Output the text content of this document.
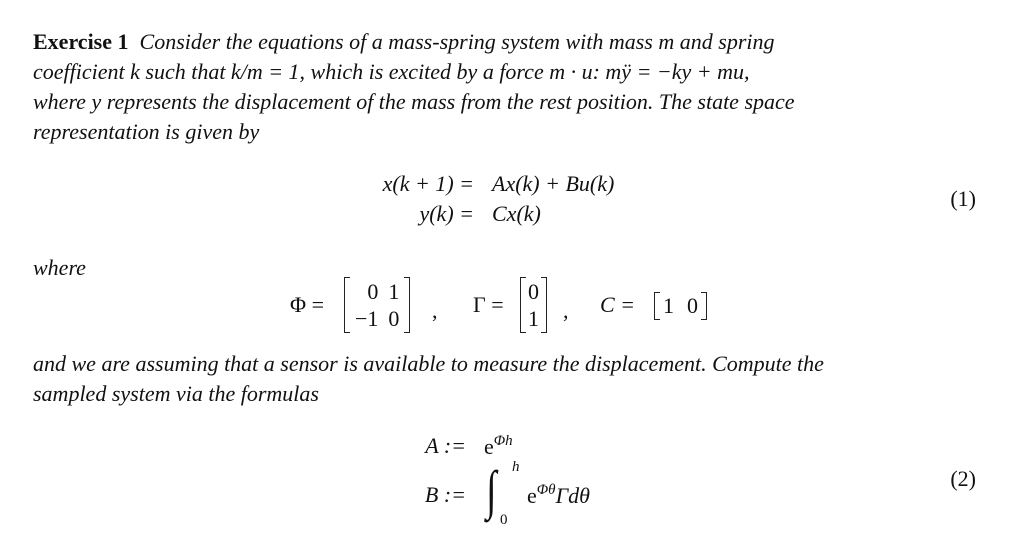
Exercise 1 Consider the equations of a mass-spring system with mass m and spring
coefficient k such that k/m = 1, which is excited by a force m · u: mÿ = −ky + mu,
where y represents the displacement of the mass from the rest position. The state space
representation is given by
x(k + 1) = Ax(k) + Bu(k)
y(k) = Cx(k)
(1)
where
Φ =
0 1
−1 0 , Γ =
0
1 , C = 1 0
and we are assuming that a sensor is available to measure the displacement. Compute the
sampled system via the formulas
A := $e^{\Phi h}$
B := ∫ h
0
$e^{\Phi\theta}\Gamma d\theta$
(2)
